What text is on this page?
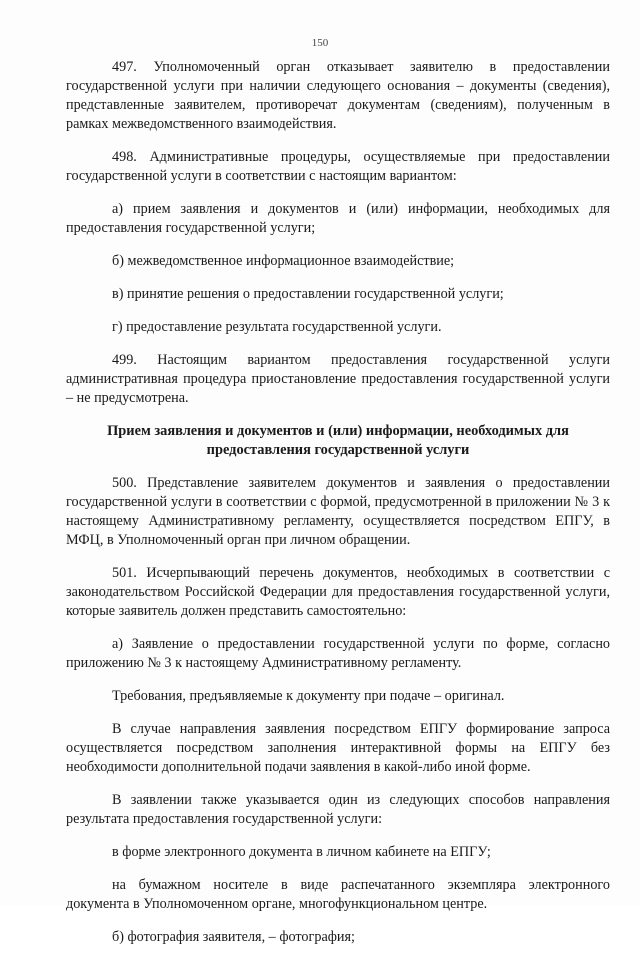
150

497. Уполномоченный орган отказывает заявителю в предоставлении государственной услуги при наличии следующего основания – документы (сведения), представленные заявителем, противоречат документам (сведениям), полученным в рамках межведомственного взаимодействия.

498. Административные процедуры, осуществляемые при предоставлении государственной услуги в соответствии с настоящим вариантом:

а) прием заявления и документов и (или) информации, необходимых для предоставления государственной услуги;

б) межведомственное информационное взаимодействие;

в) принятие решения о предоставлении государственной услуги;

г) предоставление результата государственной услуги.

499. Настоящим вариантом предоставления государственной услуги административная процедура приостановление предоставления государственной услуги – не предусмотрена.

Прием заявления и документов и (или) информации, необходимых для предоставления государственной услуги

500. Представление заявителем документов и заявления о предоставлении государственной услуги в соответствии с формой, предусмотренной в приложении № 3 к настоящему Административному регламенту, осуществляется посредством ЕПГУ, в МФЦ, в Уполномоченный орган при личном обращении.

501. Исчерпывающий перечень документов, необходимых в соответствии с законодательством Российской Федерации для предоставления государственной услуги, которые заявитель должен представить самостоятельно:

а) Заявление о предоставлении государственной услуги по форме, согласно приложению № 3 к настоящему Административному регламенту.

Требования, предъявляемые к документу при подаче – оригинал.

В случае направления заявления посредством ЕПГУ формирование запроса осуществляется посредством заполнения интерактивной формы на ЕПГУ без необходимости дополнительной подачи заявления в какой-либо иной форме.

В заявлении также указывается один из следующих способов направления результата предоставления государственной услуги:

в форме электронного документа в личном кабинете на ЕПГУ;

на бумажном носителе в виде распечатанного экземпляра электронного документа в Уполномоченном органе, многофункциональном центре.

б) фотография заявителя, – фотография;
